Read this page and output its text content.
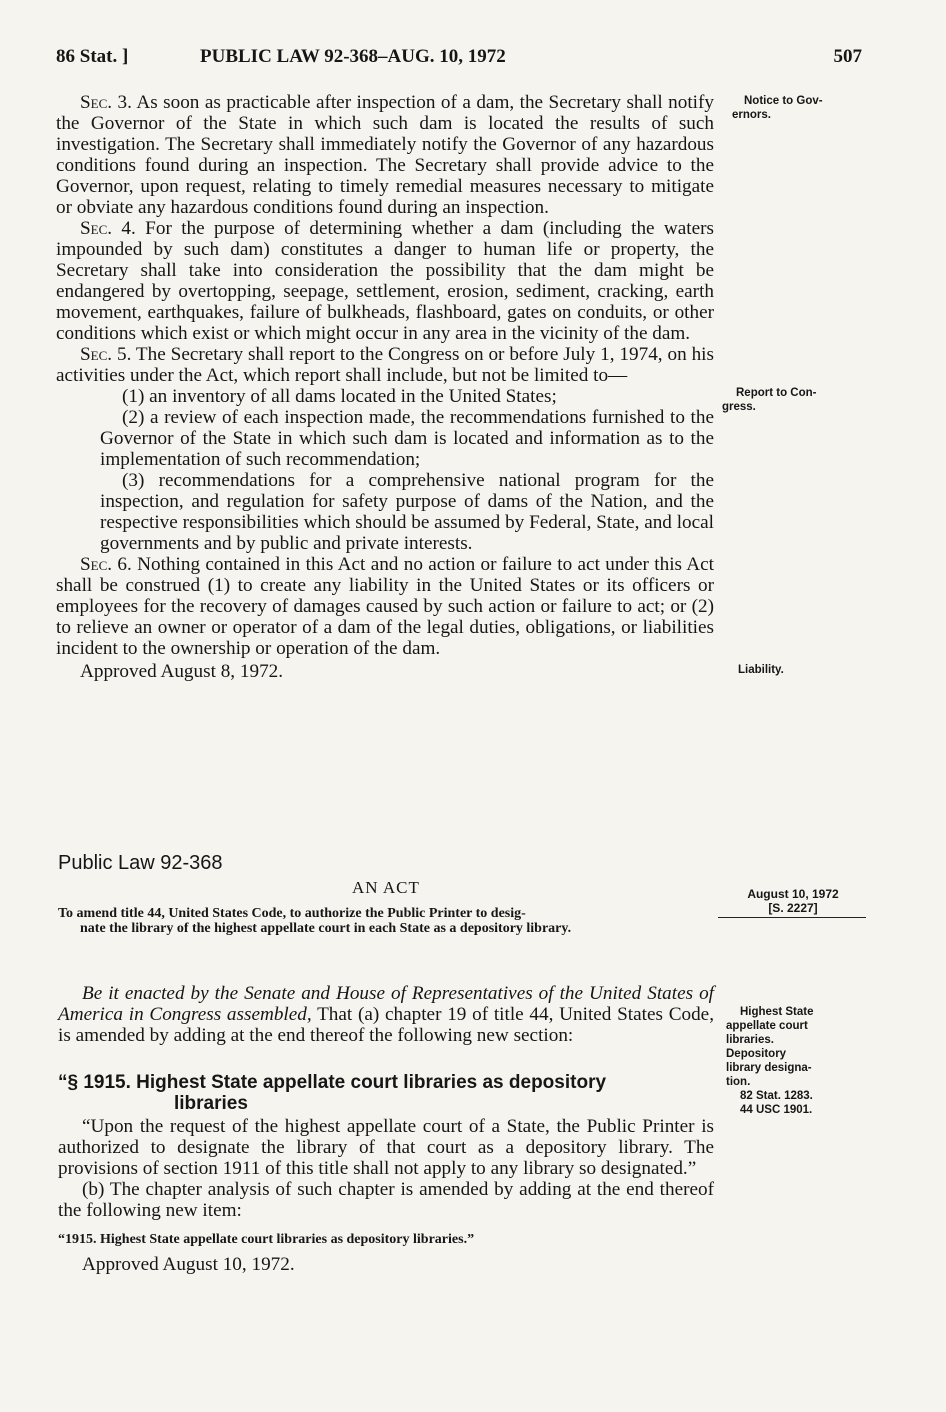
86 Stat. ]	PUBLIC LAW 92-368–AUG. 10, 1972	507

Sec. 3. As soon as practicable after inspection of a dam, the Secretary shall notify the Governor of the State in which such dam is located the results of such investigation. The Secretary shall immediately notify the Governor of any hazardous conditions found during an inspection. The Secretary shall provide advice to the Governor, upon request, relating to timely remedial measures necessary to mitigate or obviate any hazardous conditions found during an inspection.

Sec. 4. For the purpose of determining whether a dam (including the waters impounded by such dam) constitutes a danger to human life or property, the Secretary shall take into consideration the possibility that the dam might be endangered by overtopping, seepage, settlement, erosion, sediment, cracking, earth movement, earthquakes, failure of bulkheads, flashboard, gates on conduits, or other conditions which exist or which might occur in any area in the vicinity of the dam.

Sec. 5. The Secretary shall report to the Congress on or before July 1, 1974, on his activities under the Act, which report shall include, but not be limited to—

(1) an inventory of all dams located in the United States;

(2) a review of each inspection made, the recommendations furnished to the Governor of the State in which such dam is located and information as to the implementation of such recommendation;

(3) recommendations for a comprehensive national program for the inspection, and regulation for safety purpose of dams of the Nation, and the respective responsibilities which should be assumed by Federal, State, and local governments and by public and private interests.

Sec. 6. Nothing contained in this Act and no action or failure to act under this Act shall be construed (1) to create any liability in the United States or its officers or employees for the recovery of damages caused by such action or failure to act; or (2) to relieve an owner or operator of a dam of the legal duties, obligations, or liabilities incident to the ownership or operation of the dam.

Approved August 8, 1972.

Public Law 92-368
AN ACT
To amend title 44, United States Code, to authorize the Public Printer to desig-
nate the library of the highest appellate court in each State as a depository library.

Be it enacted by the Senate and House of Representatives of the United States of America in Congress assembled, That (a) chapter 19 of title 44, United States Code, is amended by adding at the end thereof the following new section:

“§ 1915. Highest State appellate court libraries as depository
libraries

“Upon the request of the highest appellate court of a State, the Public Printer is authorized to designate the library of that court as a depository library. The provisions of section 1911 of this title shall not apply to any library so designated.”

(b) The chapter analysis of such chapter is amended by adding at the end thereof the following new item:

“1915. Highest State appellate court libraries as depository libraries.”

Approved August 10, 1972.

Notice to Gov-
ernors.
Report to Con-
gress.
Liability.
August 10, 1972
[S. 2227]
Highest State
appellate court
libraries.
Depository
library designa-
tion.
82 Stat. 1283.
44 USC 1901.
